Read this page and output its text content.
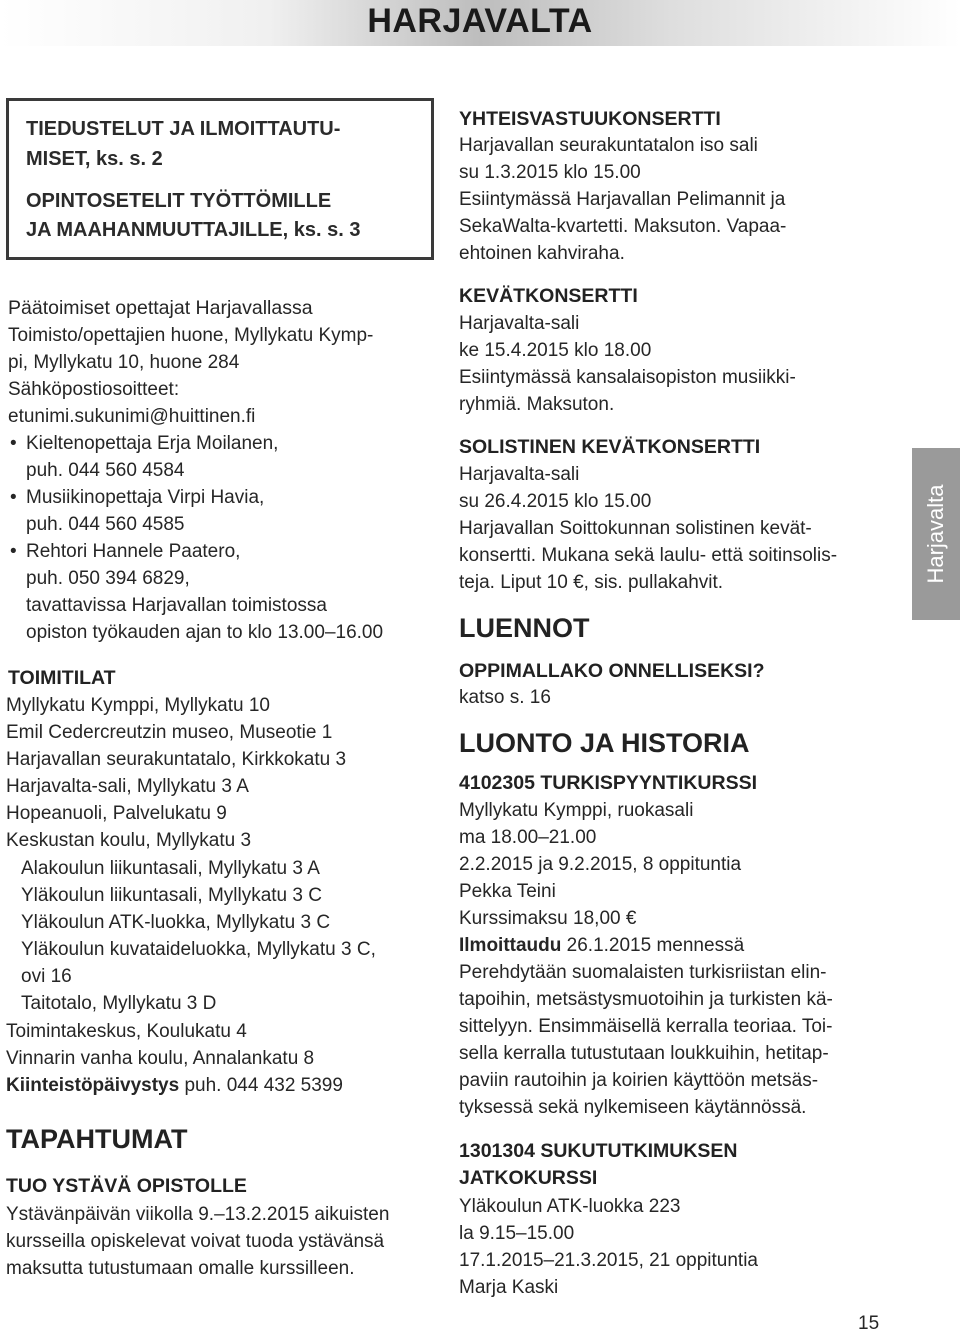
HARJAVALTA
Harjavalta
TIEDUSTELUT JA ILMOITTAUTU-
MISET, ks. s. 2
OPINTOSETELIT TYÖTTÖMILLE
JA MAAHANMUUTTAJILLE, ks. s. 3
Päätoimiset opettajat Harjavallassa
Toimisto/opettajien huone, Myllykatu Kymp-
pi, Myllykatu 10, huone 284
Sähköpostiosoitteet:
etunimi.sukunimi@huittinen.fi
• Kieltenopettaja Erja Moilanen,
puh. 044 560 4584
• Musiikinopettaja Virpi Havia,
puh. 044 560 4585
• Rehtori Hannele Paatero,
puh. 050 394 6829,
tavattavissa Harjavallan toimistossa
opiston työkauden ajan to klo 13.00–16.00
TOIMITILAT
Myllykatu Kymppi, Myllykatu 10
Emil Cedercreutzin museo, Museotie 1
Harjavallan seurakuntatalo, Kirkkokatu 3
Harjavalta-sali, Myllykatu 3 A
Hopeanuoli, Palvelukatu 9
Keskustan koulu, Myllykatu 3
Alakoulun liikuntasali, Myllykatu 3 A
Yläkoulun liikuntasali, Myllykatu 3 C
Yläkoulun ATK-luokka, Myllykatu 3 C
Yläkoulun kuvataideluokka, Myllykatu 3 C,
ovi 16
Taitotalo, Myllykatu 3 D
Toimintakeskus, Koulukatu 4
Vinnarin vanha koulu, Annalankatu 8
Kiinteistöpäivystys puh. 044 432 5399
TAPAHTUMAT
TUO YSTÄVÄ OPISTOLLE
Ystävänpäivän viikolla 9.–13.2.2015 aikuisten
kursseilla opiskelevat voivat tuoda ystävänsä
maksutta tutustumaan omalle kurssilleen.
YHTEISVASTUUKONSERTTI
Harjavallan seurakuntatalon iso sali
su 1.3.2015 klo 15.00
Esiintymässä Harjavallan Pelimannit ja
SekaWalta-kvartetti. Maksuton. Vapaa-
ehtoinen kahviraha.
KEVÄTKONSERTTI
Harjavalta-sali
ke 15.4.2015 klo 18.00
Esiintymässä kansalaisopiston musiikki-
ryhmiä. Maksuton.
SOLISTINEN KEVÄTKONSERTTI
Harjavalta-sali
su 26.4.2015 klo 15.00
Harjavallan Soittokunnan solistinen kevät-
konsertti. Mukana sekä laulu- että soitinsolis-
teja. Liput 10 €, sis. pullakahvit.
LUENNOT
OPPIMALLAKO ONNELLISEKSI?
katso s. 16
LUONTO JA HISTORIA
4102305 TURKISPYYNTIKURSSI
Myllykatu Kymppi, ruokasali
ma 18.00–21.00
2.2.2015 ja 9.2.2015, 8 oppituntia
Pekka Teini
Kurssimaksu 18,00 €
Ilmoittaudu 26.1.2015 mennessä
Perehdytään suomalaisten turkisriistan elin-
tapoihin, metsästysmuotoihin ja turkisten kä-
sittelyyn. Ensimmäisellä kerralla teoriaa. Toi-
sella kerralla tutustutaan loukkuihin, hetitap-
paviin rautoihin ja koirien käyttöön metsäs-
tyksessä sekä nylkemiseen käytännössä.
1301304 SUKUTUTKIMUKSEN
JATKOKURSSI
Yläkoulun ATK-luokka 223
la 9.15–15.00
17.1.2015–21.3.2015, 21 oppituntia
Marja Kaski
15
